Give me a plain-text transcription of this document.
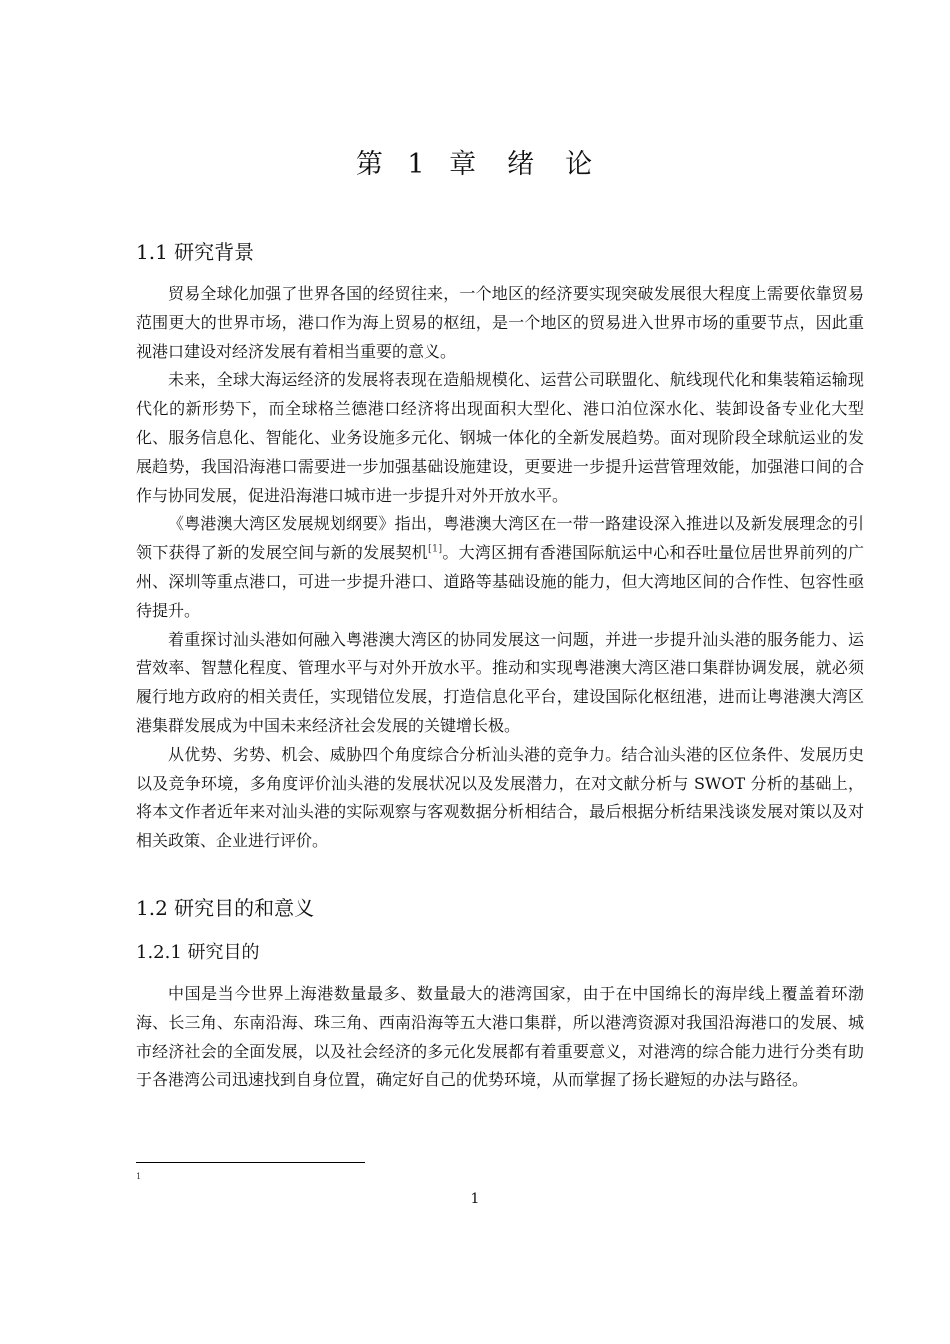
第 1 章　绪　论
1.1 研究背景

贸易全球化加强了世界各国的经贸往来，一个地区的经济要实现突破发展很大程度上需要依靠贸易范围更大的世界市场，港口作为海上贸易的枢纽，是一个地区的贸易进入世界市场的重要节点，因此重视港口建设对经济发展有着相当重要的意义。

未来，全球大海运经济的发展将表现在造船规模化、运营公司联盟化、航线现代化和集装箱运输现代化的新形势下，而全球格兰德港口经济将出现面积大型化、港口泊位深水化、装卸设备专业化大型化、服务信息化、智能化、业务设施多元化、钢城一体化的全新发展趋势。面对现阶段全球航运业的发展趋势，我国沿海港口需要进一步加强基础设施建设，更要进一步提升运营管理效能，加强港口间的合作与协同发展，促进沿海港口城市进一步提升对外开放水平。

《粤港澳大湾区发展规划纲要》指出，粤港澳大湾区在一带一路建设深入推进以及新发展理念的引领下获得了新的发展空间与新的发展契机[1]。大湾区拥有香港国际航运中心和吞吐量位居世界前列的广州、深圳等重点港口，可进一步提升港口、道路等基础设施的能力，但大湾地区间的合作性、包容性亟待提升。

着重探讨汕头港如何融入粤港澳大湾区的协同发展这一问题，并进一步提升汕头港的服务能力、运营效率、智慧化程度、管理水平与对外开放水平。推动和实现粤港澳大湾区港口集群协调发展，就必须履行地方政府的相关责任，实现错位发展，打造信息化平台，建设国际化枢纽港，进而让粤港澳大湾区港集群发展成为中国未来经济社会发展的关键增长极。

从优势、劣势、机会、威胁四个角度综合分析汕头港的竞争力。结合汕头港的区位条件、发展历史以及竞争环境，多角度评价汕头港的发展状况以及发展潜力，在对文献分析与 SWOT 分析的基础上，将本文作者近年来对汕头港的实际观察与客观数据分析相结合，最后根据分析结果浅谈发展对策以及对相关政策、企业进行评价。

1.2 研究目的和意义
1.2.1 研究目的

中国是当今世界上海港数量最多、数量最大的港湾国家，由于在中国绵长的海岸线上覆盖着环渤海、长三角、东南沿海、珠三角、西南沿海等五大港口集群，所以港湾资源对我国沿海港口的发展、城市经济社会的全面发展，以及社会经济的多元化发展都有着重要意义，对港湾的综合能力进行分类有助于各港湾公司迅速找到自身位置，确定好自己的优势环境，从而掌握了扬长避短的办法与路径。

1
1
